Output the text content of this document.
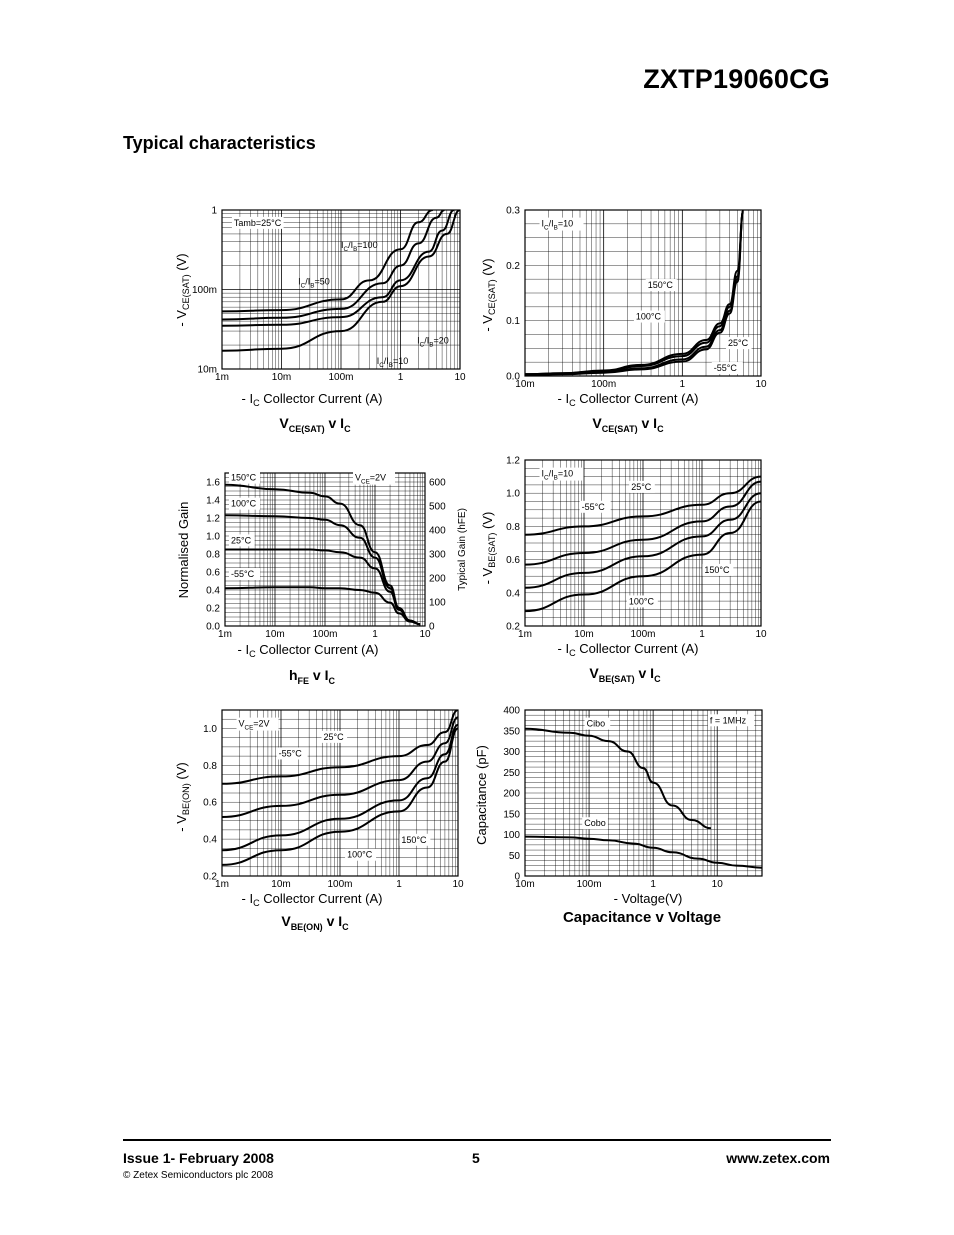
ZXTP19060CG
Typical characteristics
$V_{CE(SAT)}$ v $I_C$
1m	10m	100m	1	10
10m
100m
1
- $V_{CE(SAT)}$ (V)
- $I_C$ Collector Current (A)
$I_C/I_B=100$
$I_C/I_B=50$
$I_C/I_B=20$
$I_C/I_B=10$
Tamb=25°C
$V_{CE(SAT)}$ v $I_C$
10m	100m	1	10
0.0
0.1
0.2
0.3
- $V_{CE(SAT)}$ (V)
- $I_C$ Collector Current (A)
150°C
100°C
25°C
-55°C
$I_C/I_B=10$
$h_{FE}$ v $I_C$
1m	10m	100m	1	10
0.0
0.2
0.4
0.6
0.8
1.0
1.2
1.4
1.6
0
100
200
300
400
500
600
Typical Gain (hFE)
Normalised Gain
- $I_C$ Collector Current (A)
150°C
100°C
25°C
-55°C
$V_{CE}=2V$
$V_{BE(SAT)}$ v $I_C$
1m	10m	100m	1	10
0.2
0.4
0.6
0.8
1.0
1.2
- $V_{BE(SAT)}$ (V)
- $I_C$ Collector Current (A)
-55°C
25°C
100°C
150°C
$I_C/I_B=10$
$V_{BE(ON)}$ v $I_C$
1m	10m	100m	1	10
0.2
0.4
0.6
0.8
1.0
- $V_{BE(ON)}$ (V)
- $I_C$ Collector Current (A)
-55°C
25°C
100°C
150°C
$V_{CE}=2V$
Capacitance v Voltage
10m	100m	1	10
0
50
100
150
200
250
300
350
400
Capacitance (pF)
- Voltage(V)
Cibo
Cobo
f = 1MHz
Issue 1- February 2008
© Zetex Semiconductors plc 2008
5	www.zetex.com
